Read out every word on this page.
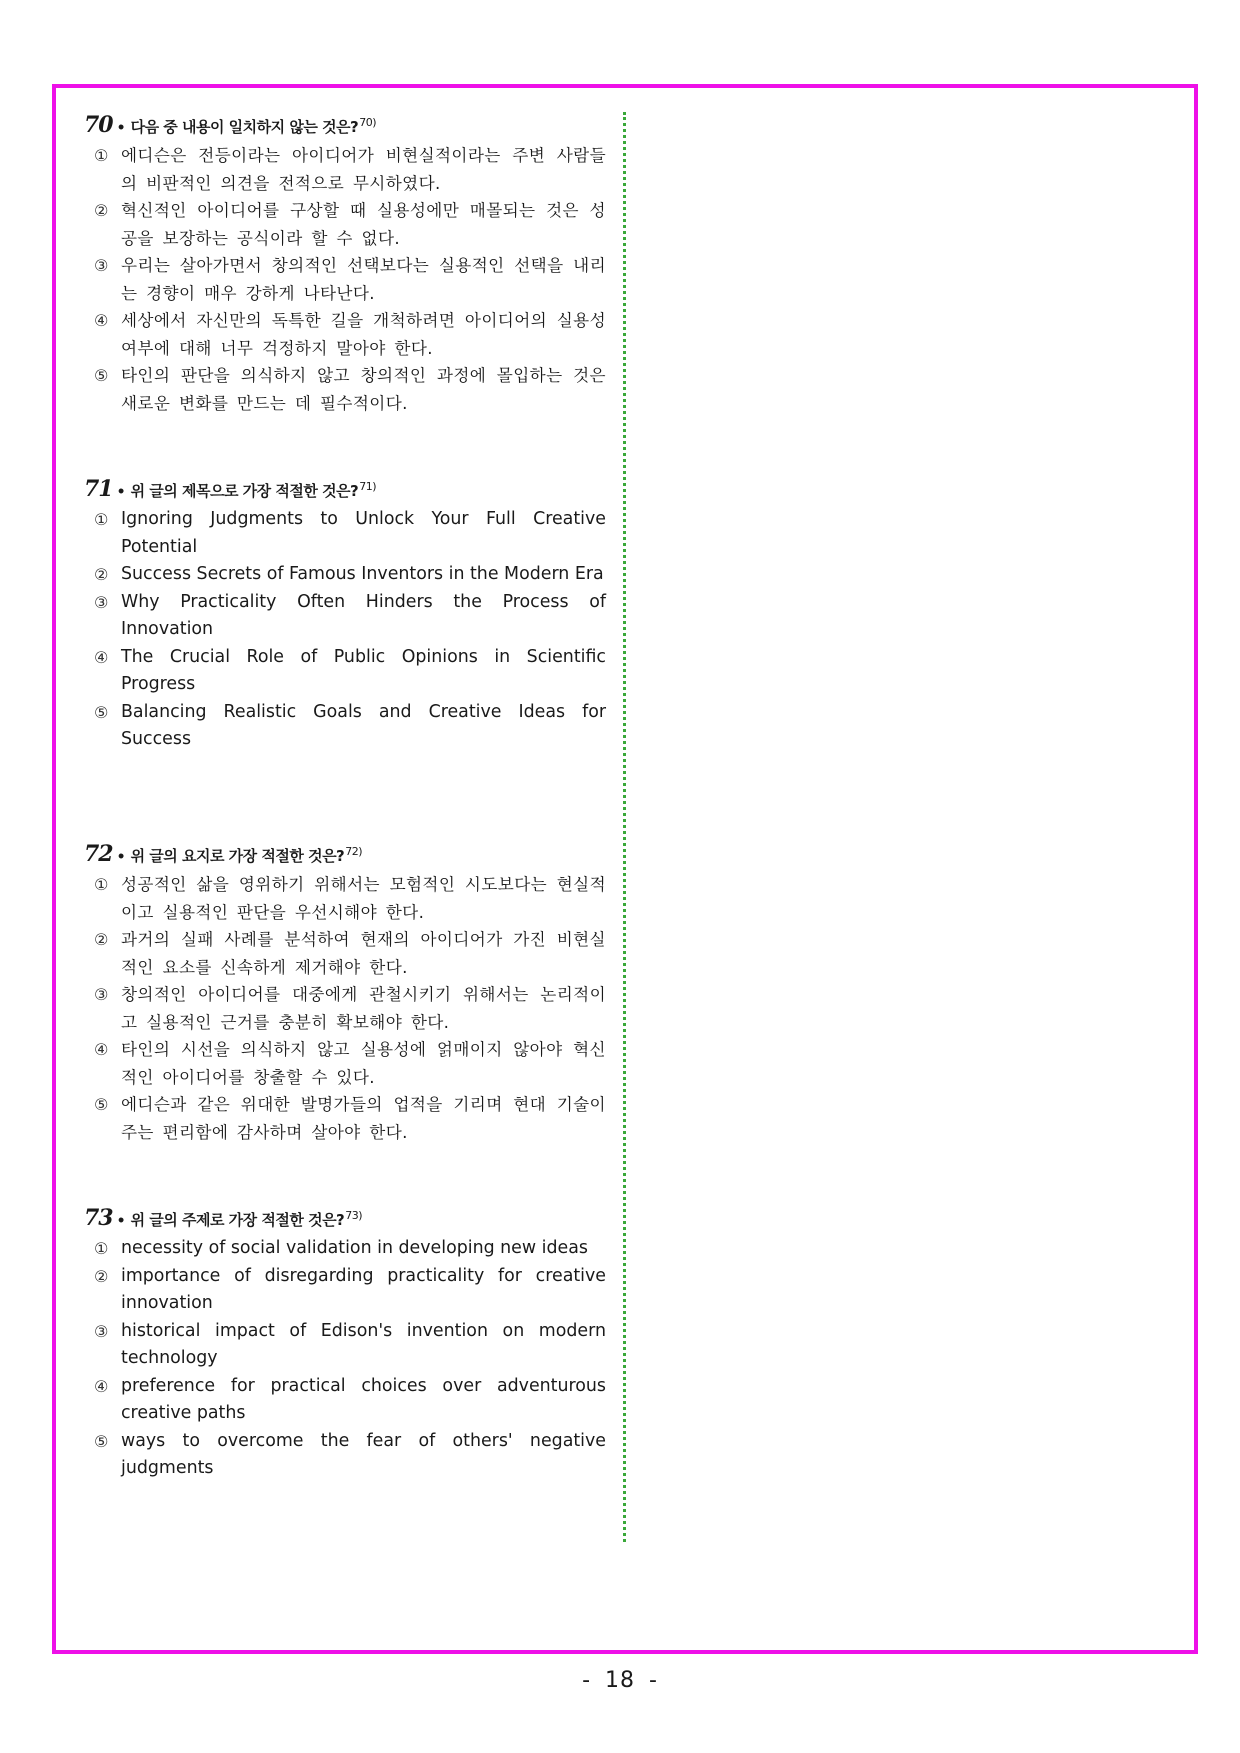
70 • 다음 중 내용이 일치하지 않는 것은?$^{70)}$
① 에디슨은 전등이라는 아이디어가 비현실적이라는 주변 사람들의 비판적인 의견을 전적으로 무시하였다.
② 혁신적인 아이디어를 구상할 때 실용성에만 매몰되는 것은 성공을 보장하는 공식이라 할 수 없다.
③ 우리는 살아가면서 창의적인 선택보다는 실용적인 선택을 내리는 경향이 매우 강하게 나타난다.
④ 세상에서 자신만의 독특한 길을 개척하려면 아이디어의 실용성 여부에 대해 너무 걱정하지 말아야 한다.
⑤ 타인의 판단을 의식하지 않고 창의적인 과정에 몰입하는 것은 새로운 변화를 만드는 데 필수적이다.
71 • 위 글의 제목으로 가장 적절한 것은?$^{71)}$
① Ignoring Judgments to Unlock Your Full Creative Potential
② Success Secrets of Famous Inventors in the Modern Era
③ Why Practicality Often Hinders the Process of Innovation
④ The Crucial Role of Public Opinions in Scientific Progress
⑤ Balancing Realistic Goals and Creative Ideas for Success
72 • 위 글의 요지로 가장 적절한 것은?$^{72)}$
① 성공적인 삶을 영위하기 위해서는 모험적인 시도보다는 현실적이고 실용적인 판단을 우선시해야 한다.
② 과거의 실패 사례를 분석하여 현재의 아이디어가 가진 비현실적인 요소를 신속하게 제거해야 한다.
③ 창의적인 아이디어를 대중에게 관철시키기 위해서는 논리적이고 실용적인 근거를 충분히 확보해야 한다.
④ 타인의 시선을 의식하지 않고 실용성에 얽매이지 않아야 혁신적인 아이디어를 창출할 수 있다.
⑤ 에디슨과 같은 위대한 발명가들의 업적을 기리며 현대 기술이 주는 편리함에 감사하며 살아야 한다.
73 • 위 글의 주제로 가장 적절한 것은?$^{73)}$
① necessity of social validation in developing new ideas
② importance of disregarding practicality for creative innovation
③ historical impact of Edison's invention on modern technology
④ preference for practical choices over adventurous creative paths
⑤ ways to overcome the fear of others' negative judgments
- 18 -
